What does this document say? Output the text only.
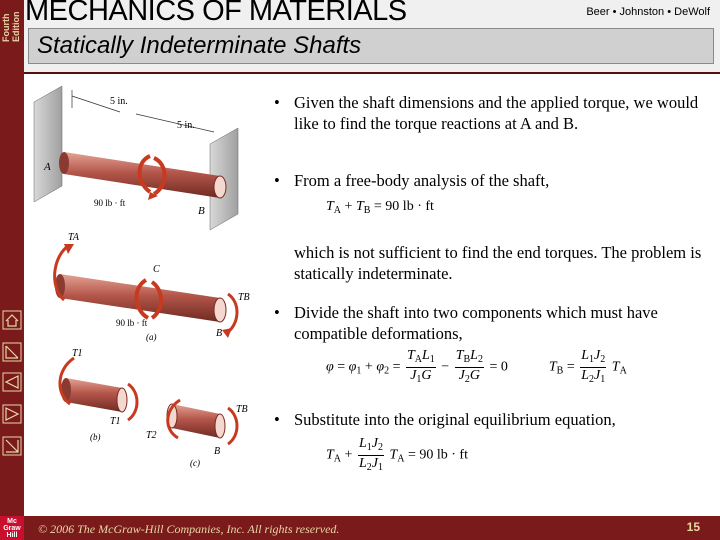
Fourth Edition
Mc
Graw
Hill
MECHANICS OF MATERIALS	Beer • Johnston • DeWolf
Statically Indeterminate Shafts
5 in.
5 in.
A
B
90 lb · ft
TA
C
TB
90 lb · ft
B
(a)
T1
T1
(b)
TB
T2
B
(c)
• Given the shaft dimensions and the applied torque, we would like to find the torque reactions at A and B.
• From a free-body analysis of the shaft,
$T_A + T_B = 90$ lb · ft
which is not sufficient to find the end torques. The problem is statically indeterminate.
• Divide the shaft into two components which must have compatible deformations,
$\varphi = \varphi_1 + \varphi_2 = \frac{T_AL_1}{J_1G} - \frac{T_BL_2}{J_2G} = 0$	$T_B = \frac{L_1J_2}{L_2J_1} T_A$
• Substitute into the original equilibrium equation,
$T_A + \frac{L_1J_2}{L_2J_1} T_A = 90$ lb · ft
© 2006 The McGraw-Hill Companies, Inc. All rights reserved.	15
